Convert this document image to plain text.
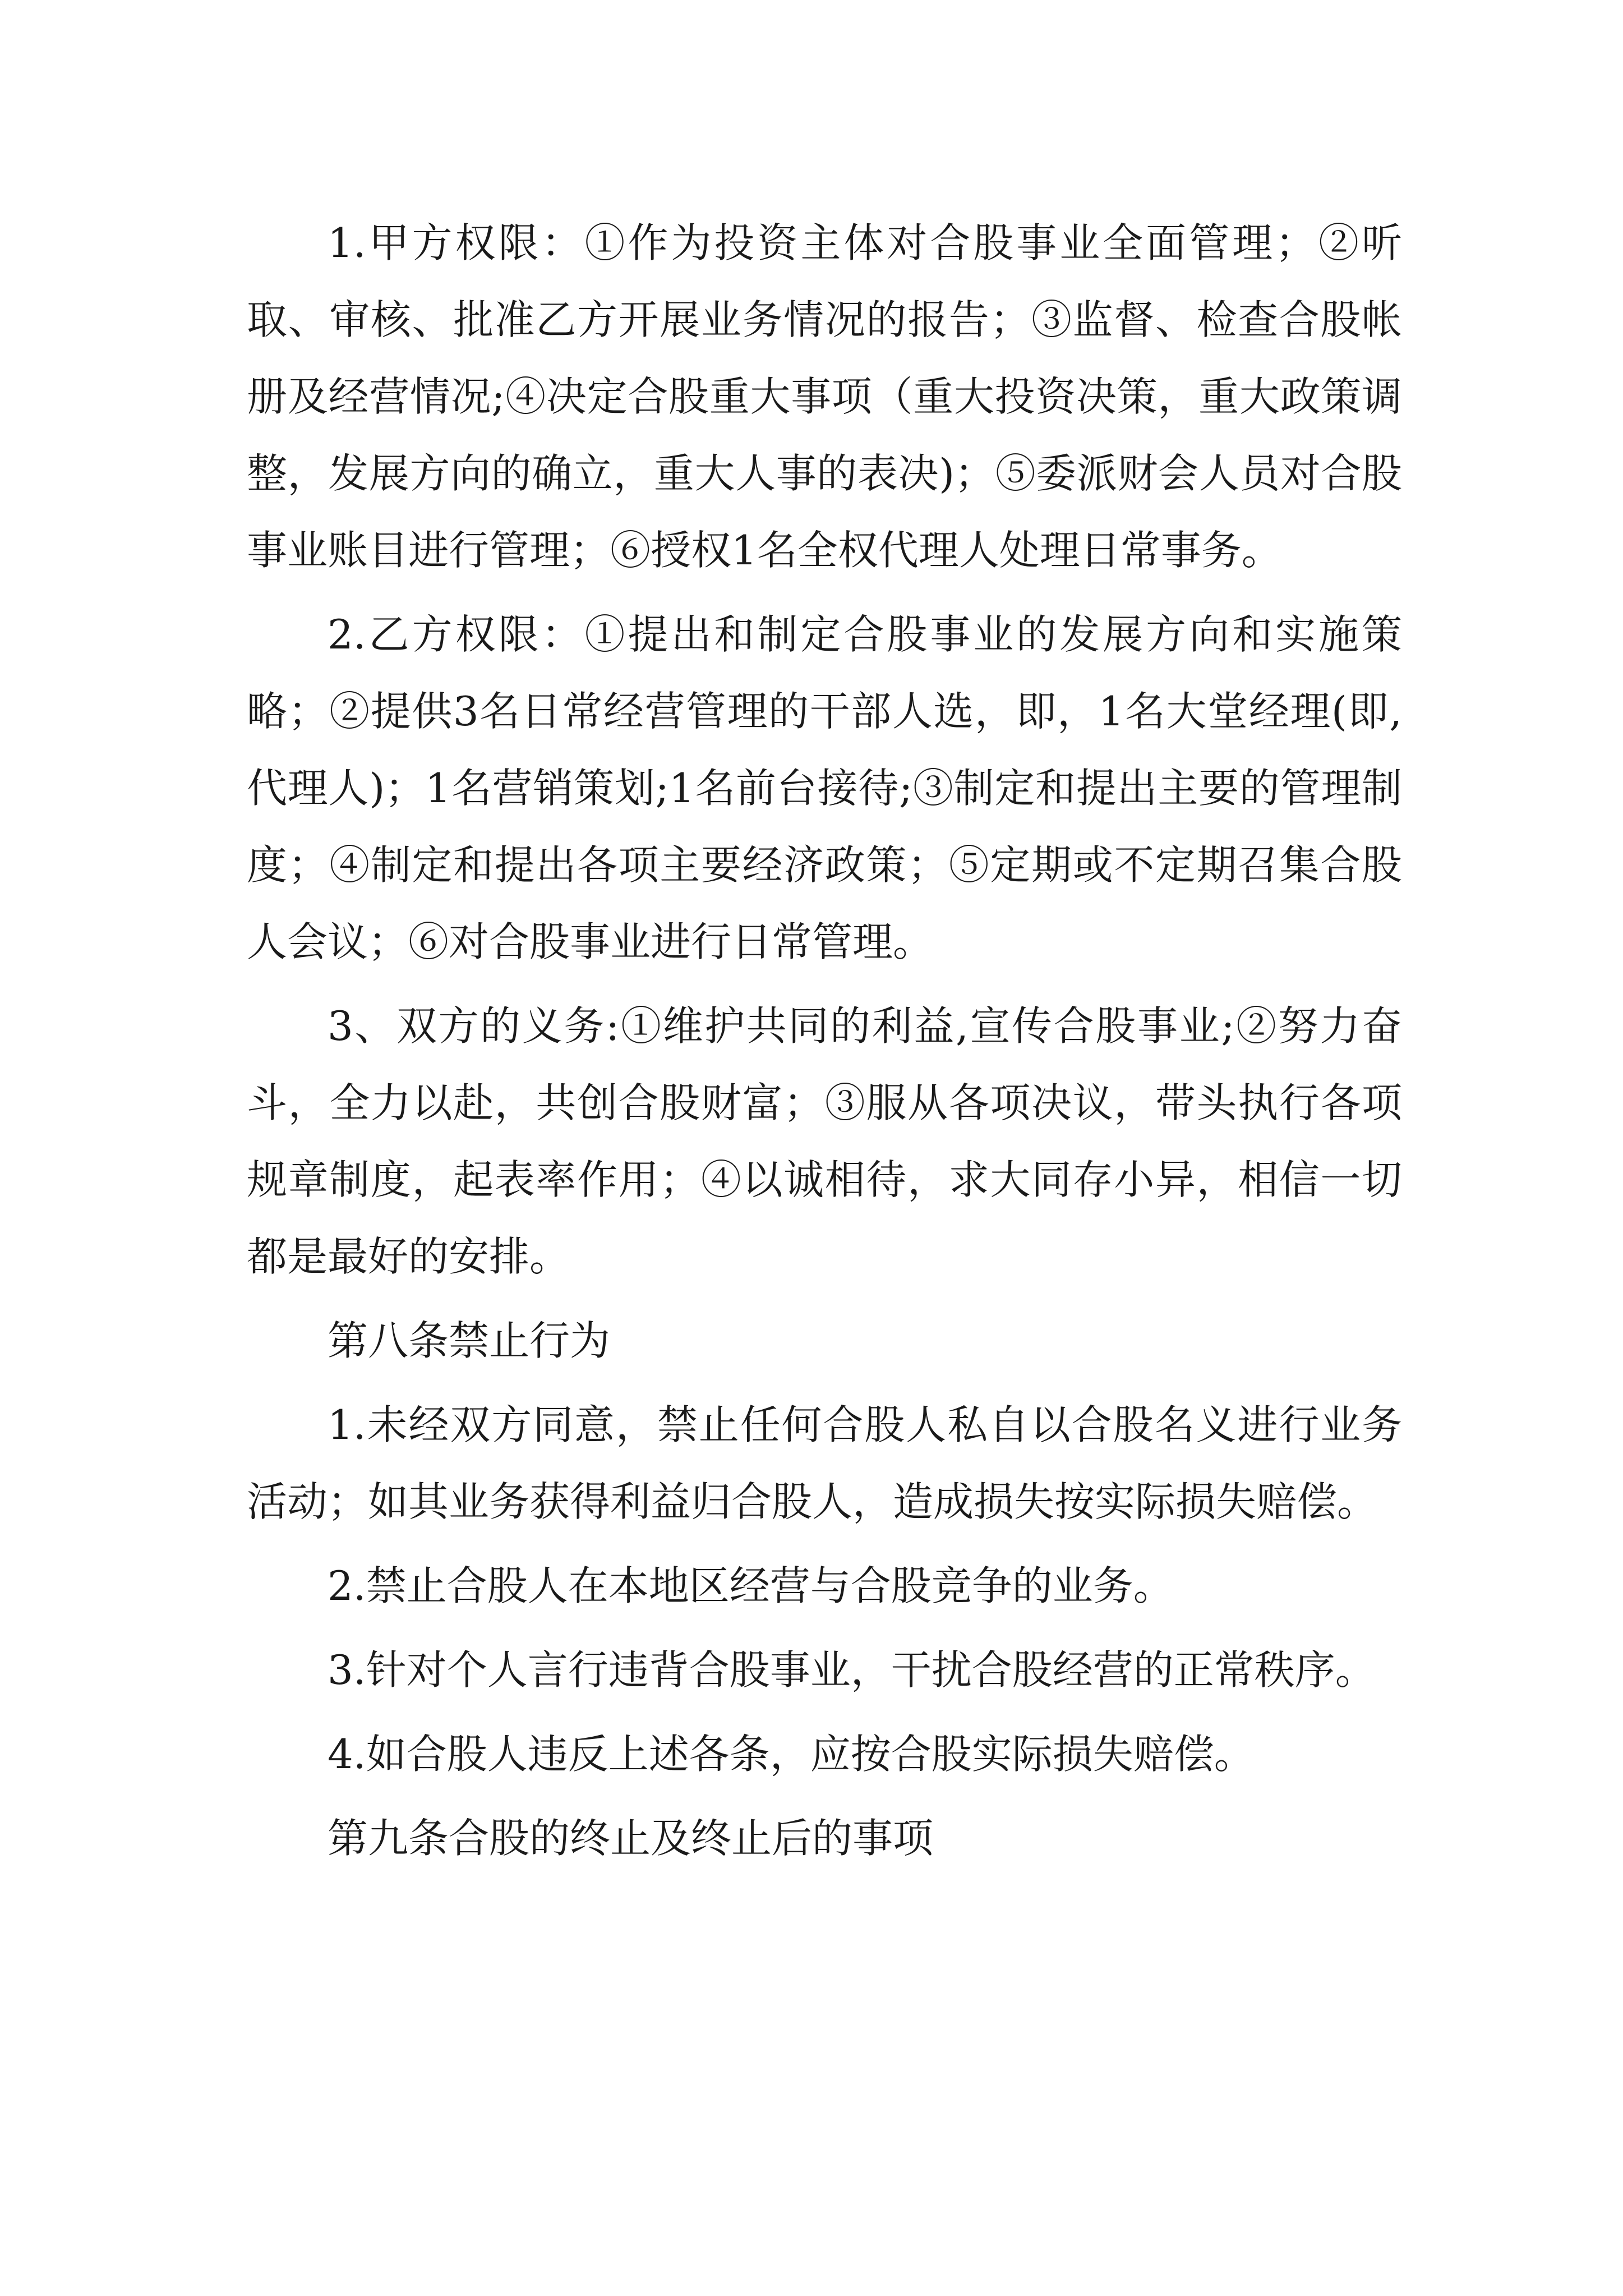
1.甲方权限：①作为投资主体对合股事业全面管理；②听取、审核、批准乙方开展业务情况的报告；③监督、检查合股帐册及经营情况;④决定合股重大事项（重大投资决策，重大政策调整，发展方向的确立，重大人事的表决)；⑤委派财会人员对合股事业账目进行管理；⑥授权1名全权代理人处理日常事务。

2.乙方权限：①提出和制定合股事业的发展方向和实施策略；②提供3名日常经营管理的干部人选，即，1名大堂经理(即,代理人)；1名营销策划;1名前台接待;③制定和提出主要的管理制度；④制定和提出各项主要经济政策；⑤定期或不定期召集合股人会议；⑥对合股事业进行日常管理。

3、双方的义务:①维护共同的利益,宣传合股事业;②努力奋斗，全力以赴，共创合股财富；③服从各项决议，带头执行各项规章制度，起表率作用；④以诚相待，求大同存小异，相信一切都是最好的安排。

第八条禁止行为

1.未经双方同意，禁止任何合股人私自以合股名义进行业务活动；如其业务获得利益归合股人，造成损失按实际损失赔偿。

2.禁止合股人在本地区经营与合股竞争的业务。

3.针对个人言行违背合股事业，干扰合股经营的正常秩序。

4.如合股人违反上述各条，应按合股实际损失赔偿。

第九条合股的终止及终止后的事项
